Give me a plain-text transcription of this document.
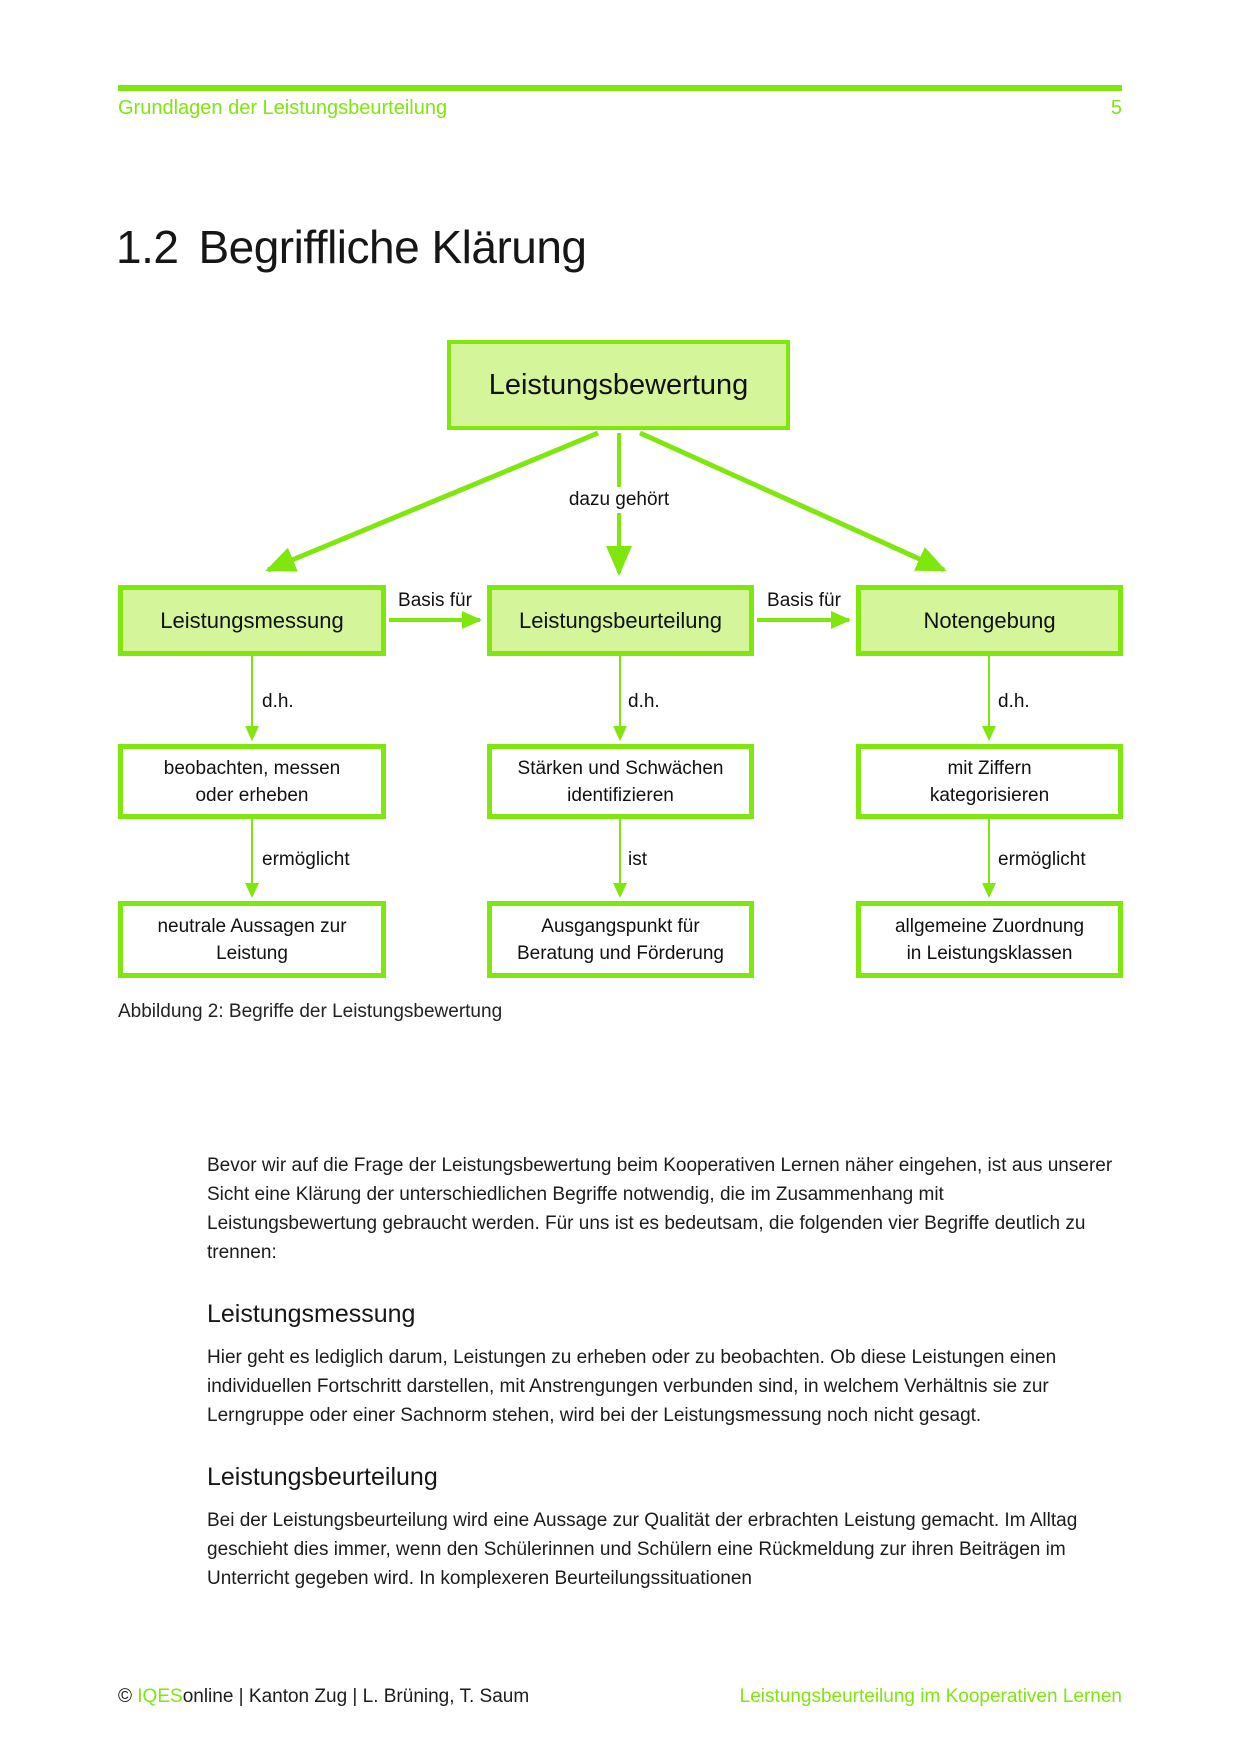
Grundlagen der Leistungsbeurteilung	5
1.2 Begriffliche Klärung
Leistungsbewertung
dazu gehört
Leistungsmessung
Basis für
Leistungsbeurteilung
Basis für
Notengebung
d.h.	d.h.	d.h.
beobachten, messen
oder erheben
Stärken und Schwächen
identifizieren
mit Ziffern
kategorisieren
ermöglicht	ist	ermöglicht
neutrale Aussagen zur
Leistung
Ausgangspunkt für
Beratung und Förderung
allgemeine Zuordnung
in Leistungsklassen
Abbildung 2: Begriffe der Leistungsbewertung

Bevor wir auf die Frage der Leistungsbewertung beim Kooperativen Lernen näher eingehen, ist aus unserer Sicht eine Klärung der unterschiedlichen Begriffe notwendig, die im Zusammenhang mit Leistungsbewertung gebraucht werden. Für uns ist es bedeutsam, die folgenden vier Begriffe deutlich zu trennen:

Leistungsmessung

Hier geht es lediglich darum, Leistungen zu erheben oder zu beobachten. Ob diese Leistungen einen individuellen Fortschritt darstellen, mit Anstrengungen verbunden sind, in welchem Verhältnis sie zur Lerngruppe oder einer Sachnorm stehen, wird bei der Leistungsmessung noch nicht gesagt.

Leistungsbeurteilung

Bei der Leistungsbeurteilung wird eine Aussage zur Qualität der erbrachten Leistung gemacht. Im Alltag geschieht dies immer, wenn den Schülerinnen und Schülern eine Rückmeldung zur ihren Beiträgen im Unterricht gegeben wird. In komplexeren Beurteilungssituationen

© IQESonline | Kanton Zug | L. Brüning, T. Saum	Leistungsbeurteilung im Kooperativen Lernen
